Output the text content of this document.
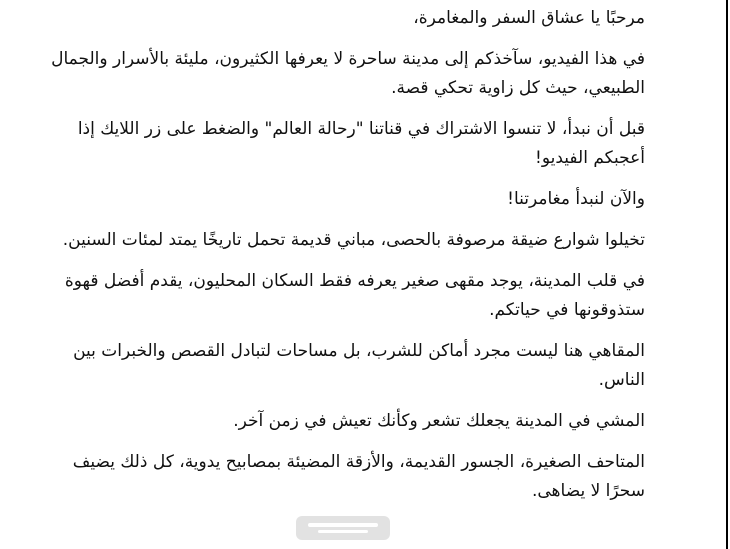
مرحبًا يا عشاق السفر والمغامرة،

في هذا الفيديو، سآخذكم إلى مدينة ساحرة لا يعرفها الكثيرون، مليئة بالأسرار والجمال الطبيعي، حيث كل زاوية تحكي قصة.

قبل أن نبدأ، لا تنسوا الاشتراك في قناتنا "رحالة العالم" والضغط على زر اللايك إذا أعجبكم الفيديو!

والآن لنبدأ مغامرتنا!

تخيلوا شوارع ضيقة مرصوفة بالحصى، مباني قديمة تحمل تاريخًا يمتد لمئات السنين.

في قلب المدينة، يوجد مقهى صغير يعرفه فقط السكان المحليون، يقدم أفضل قهوة ستذوقونها في حياتكم.

المقاهي هنا ليست مجرد أماكن للشرب، بل مساحات لتبادل القصص والخبرات بين الناس.

المشي في المدينة يجعلك تشعر وكأنك تعيش في زمن آخر.

المتاحف الصغيرة، الجسور القديمة، والأزقة المضيئة بمصابيح يدوية، كل ذلك يضيف سحرًا لا يضاهى.
